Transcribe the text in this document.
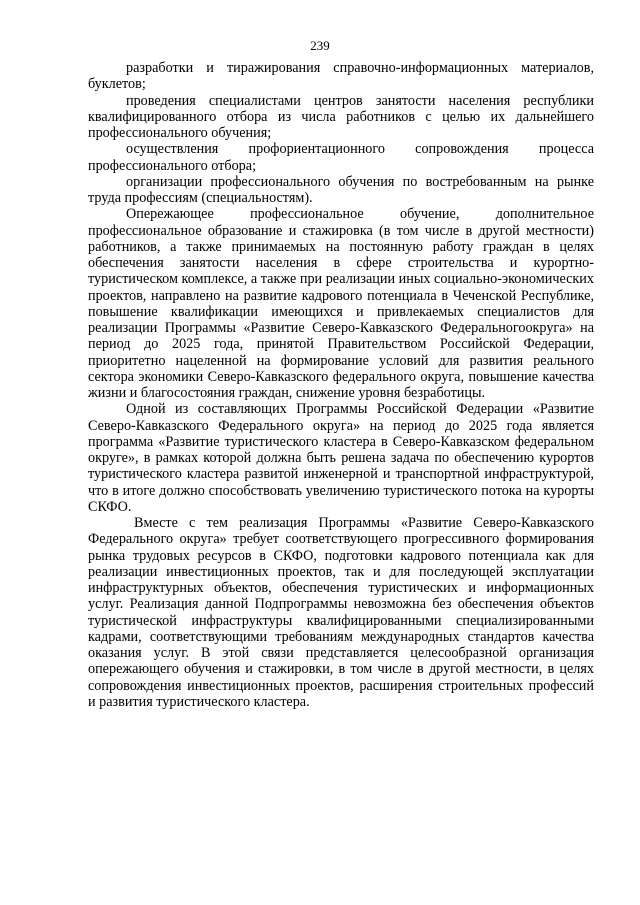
239

разработки и тиражирования справочно-информационных материалов, буклетов;

проведения специалистами центров занятости населения республики квалифицированного отбора из числа работников с целью их дальнейшего профессионального обучения;

осуществления профориентационного сопровождения процесса профессионального отбора;

организации профессионального обучения по востребованным на рынке труда профессиям (специальностям).

Опережающее профессиональное обучение, дополнительное профессиональное образование и стажировка (в том числе в другой местности) работников, а также принимаемых на постоянную работу граждан в целях обеспечения занятости населения в сфере строительства и курортно-туристическом комплексе, а также при реализации иных социально-экономических проектов, направлено на развитие кадрового потенциала в Чеченской Республике, повышение квалификации имеющихся и привлекаемых специалистов для реализации Программы «Развитие Северо-Кавказского Федеральногоокруга» на период до 2025 года, принятой Правительством Российской Федерации, приоритетно нацеленной на формирование условий для развития реального сектора экономики Северо-Кавказского федерального округа, повышение качества жизни и благосостояния граждан, снижение уровня безработицы.

Одной из составляющих Программы Российской Федерации «Развитие Северо-Кавказского Федерального округа» на период до 2025 года является программа «Развитие туристического кластера в Северо-Кавказском федеральном округе», в рамках которой должна быть решена задача по обеспечению курортов туристического кластера развитой инженерной и транспортной инфраструктурой, что в итоге должно способствовать увеличению туристического потока на курорты СКФО.

Вместе с тем реализация Программы «Развитие Северо-Кавказского Федерального округа» требует соответствующего прогрессивного формирования рынка трудовых ресурсов в СКФО, подготовки кадрового потенциала как для реализации инвестиционных проектов, так и для последующей эксплуатации инфраструктурных объектов, обеспечения туристических и информационных услуг. Реализация данной Подпрограммы невозможна без обеспечения объектов туристической инфраструктуры квалифицированными специализированными кадрами, соответствующими требованиям международных стандартов качества оказания услуг. В этой связи представляется целесообразной организация опережающего обучения и стажировки, в том числе в другой местности, в целях сопровождения инвестиционных проектов, расширения строительных профессий и развития туристического кластера.
